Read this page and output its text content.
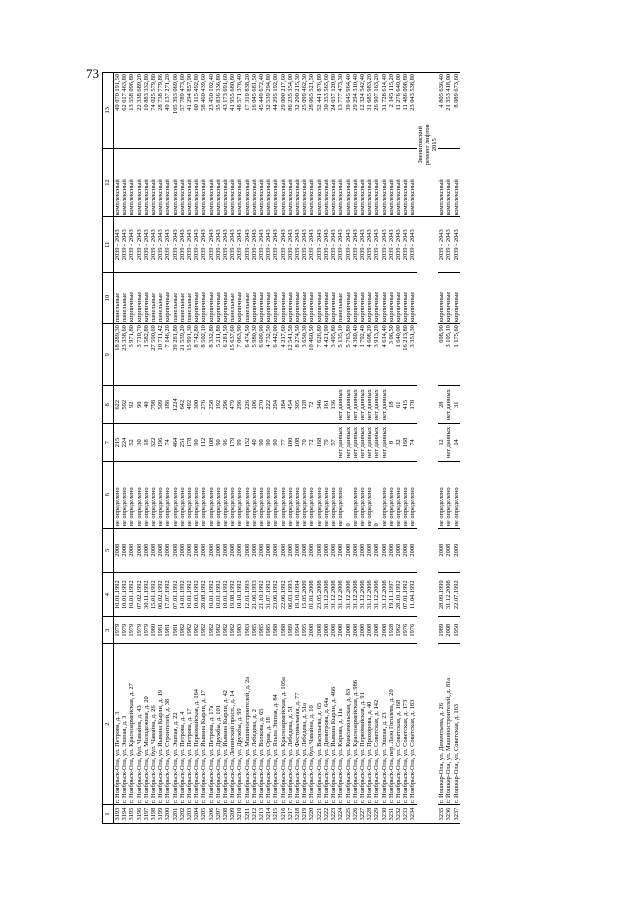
73
1	2	3	4	5	6	7	8	9	10	11	12	13
3193	г. Ноябрьск-Ола, ул. Петрова, д. 3	1979	10.01.1992	2008	не определено	215	622	18 289,30	панельные	2039 - 2043	комплексный	49 070 191,50
3194	г. Ноябрьск-Ола, ул. Эшпая, д. 3	1979	10.01.1992	2008	не определено	224	592	23 338,60	панельные	2039 - 2043	комплексный	62 617 463,80
3195	г. Ноябрьск-Ола, ул. Красноармейская, д. 27	1979	10.01.1992	2008	не определено	52	92	5 971,80	кирпичные	2039 - 2043	комплексный	13 558 096,80
3196	г. Ноябрьск-Ола, бул. Чавайна, д. 43	1979	07.02.1992	2008	не определено	30	90	3 710,70	кирпичные	2039 - 2043	комплексный	22 338 689,20
3197	г. Ноябрьск-Ола, ул. Молодежная, д. 20	1979	30.11.1992	2008	не определено	18	40	1 582,80	кирпичные	2039 - 2043	комплексный	10 883 332,80
3198	г. Ноябрьск-Ола, бул. Чавайна, д. 26	1980	15.01.1992	2008	не определено	322	798	27 590,60	панельные	2039 - 2043	комплексный	74 025 579,80
3199	г. Ноябрьск-Ола, ул. Йывана Кырли, д. 19	1981	06.02.1992	2008	не определено	196	509	10 711,42	панельные	2039 - 2043	комплексный	28 738 779,86
3200	г. Ноябрьск-Ола, ул. Строителей, д. 38	1981	17.07.1992	2008	не определено	74	186	7 146,20	кирпичные	2039 - 2043	комплексный	49 137 271,20
3201	г. Ноябрьск-Ола, ул. Эшпая, д. 22	1981	07.01.1992	2008	не определено	464	1224	39 281,80	панельные	2039 - 2043	комплексный	105 393 069,00
3202	г. Ноябрьск-Ола, ул. Петрова, д. 4	1982	14.01.1992	2008	не определено	251	642	21 539,20	панельные	2039 - 2043	комплексный	57 789 473,60
3203	г. Ноябрьск-Ола, ул. Петрова, д. 17	1982	10.01.1992	2008	не определено	178	492	15 991,30	панельные	2039 - 2043	комплексный	41 294 857,90
3204	г. Ноябрьск-Ола, ул. Первомайская, д. 164	1982	10.03.1992	2008	не определено	90	300	8 742,80	кирпичные	2039 - 2043	комплексный	60 115 492,80
3205	г. Ноябрьск-Ола, ул. Йывана Кырли, д. 17	1982	28.08.1992	2008	не определено	112	276	8 502,10	кирпичные	2039 - 2043	комплексный	58 460 439,60
3206	г. Ноябрьск-Ола, ул. Петрова, д. 17а	1982	10.01.1992	2008	не определено	108	258	8 332,80	кирпичные	2039 - 2043	комплексный	23 450 102,40
3207	г. Ноябрьск-Ола, ул. Дружбы, д. 101	1982	10.01.1992	2008	не определено	90	192	5 211,80	кирпичные	2039 - 2043	комплексный	35 836 336,80
3208	г. Ноябрьск-Ола, ул. Йывана Кырли, д. 42	1982	10.01.1992	2008	не определено	96	296	6 281,50	кирпичные	2039 - 2043	комплексный	43 173 691,60
3209	г. Ноябрьск-Ола, Ленинский просп., д. 14	1982	19.08.1992	2008	не определено	179	479	15 637,60	панельные	2039 - 2043	комплексный	41 955 680,80
3210	г. Ноябрьск-Ола, ул. Дружбы, д. 99	1983	10.10.1992	2008	не определено	99	296	7 063,90	кирпичные	2039 - 2043	комплексный	48 571 376,40
3211	г. Ноябрьск-Ола, ул. Машиностроителей, д. 2а	1983	12.01.1993	2008	не определено	152	226	6 474,50	панельные	2039 - 2043	комплексный	17 319 838,20
3212	г. Ноябрьск-Ола, ул. Лебедева, д. 2	1985	21.06.1993	2008	не определено	40	106	5 980,30	кирпичные	2039 - 2043	комплексный	16 045 681,50
3213	г. Ноябрьск-Ола, ул. Волкова, д. 65	1985	21.10.1992	2008	не определено	90	270	6 609,90	кирпичные	2039 - 2043	комплексный	45 449 672,40
3214	г. Ноябрьск-Ола, ул. Орая, д. 18	1985	31.07.1992	2008	не определено	90	222	4 732,50	кирпичные	2039 - 2043	комплексный	32 539 294,80
3215	г. Ноябрьск-Ола, ул. Яльпа Эшпая, д. 84	1988	23.06.1992	2008	не определено	90	294	6 442,00	кирпичные	2039 - 2043	комплексный	44 295 192,00
3216	г. Ноябрьск-Ола, ул. Красноармейская, д. 105а	1988	22.06.1992	2008	не определено	77	184	4 217,60	кирпичные	2039 - 2043	комплексный	29 000 217,60
3217	г. Ноябрьск-Ола, ул. Лебедева, д. 51	1989	06.03.1993	2008	не определено	180	454	12 541,50	кирпичные	2039 - 2043	комплексный	86 235 354,00
3218	г. Ноябрьск-Ола, ул. Фестивальная, д. 77	1994	19.10.1994	2008	не определено	108	305	8 274,50	кирпичные	2039 - 2043	комплексный	32 200 215,30
3219	г. Ноябрьск-Ола, ул. Лебедева, д. 51а	1995	15.05.2009	2008	не определено	70	128	3 650,30	кирпичные	2039 - 2043	комплексный	25 099 462,30
3220	г. Ноябрьск-Ола, бул. Чавайна, д. 10	2008	01.01.2008	2008	не определено	72	72	10 460,50	кирпичные	2039 - 2043	комплексный	28 065 521,50
3221	г. Ноябрьск-Ола, ул. Васильева, д. 65	2008	23.05.2008	2008	не определено	168	346	7 626,80	кирпичные	2039 - 2043	комплексный	52 441 876,80
3222	г. Ноябрьск-Ола, ул. Димитрова, д. 64а	2008	31.12.2008	2008	не определено	79	161	4 421,90	кирпичные	2039 - 2043	комплексный	30 353 565,60
3223	г. Ноябрьск-Ола, ул. Йывана Кырли, д. 466	2008	31.12.2008	2008	не определено	57	136	3 495,80	кирпичные	2039 - 2043	комплексный	24 037 120,80
3224	г. Ноябрьск-Ола, ул. Кирова, д. 11а	2008	31.12.2008	2008	не определено	нет данных	нет данных	5 135,10	панельные	2039 - 2043	комплексный	13 777 473,30
3225	г. Ноябрьск-Ола, ул. Комсомольская, д. 83	2008	31.12.2008	2008	0	нет данных	нет данных	5 763,80	кирпичные	2039 - 2043	комплексный	39 645 964,40
3226	г. Ноябрьск-Ола, ул. Красноармейская, д. 986	2008	31.12.2008	2008	не определено	нет данных	нет данных	4 360,40	кирпичные	2039 - 2043	комплексный	29 294 310,40
3227	г. Ноябрьск-Ола, ул. Первомайская, д. 91	2008	31.12.2008	2008	не определено	нет данных	нет данных	1 792,40	кирпичные	2039 - 2043	комплексный	12 324 542,40
3228	г. Ноябрьск-Ола, ул. Прохорова, д. 40	2008	31.12.2008	2008	не определено	нет данных	нет данных	4 608,20	кирпичные	2039 - 2043	комплексный	31 685 983,20
3229	г. Ноябрьск-Ола, ул. Советская, д. 142	2008	31.12.2008	2008	0	нет данных	нет данных	3 913,20	кирпичные	2039 - 2043	комплексный	26 907 163,20
3230	г. Ноябрьск-Ола, ул. Эшпая, д. 23	2008	31.12.2008	2008	не определено	нет данных	нет данных	4 614,40	кирпичные	2039 - 2043	комплексный	31 728 614,40
3231	г. Ноябрьск-Ола, пер. Лазо Гоголева, д. 20	1928	19.11.1997	2008	не определено	8	18	3 06,50	кирпичные	2039 - 2043	комплексный	2 145 115,20
3232	г. Ноябрьск-Ола, ул. Советская, д. 168	1962	28.10.1992	2008	не определено	32	61	1 640,00	кирпичные	2039 - 2043	комплексный	11 276 640,00
3233	г. Ноябрьск-Ола, ул. Советская, д. 173	1976	07.01.1992	2008	не определено	168	415	16 213,80	кирпичные	2039 - 2043	комплексный	11 486 098,80
3234	г. Ноябрьск-Ола, ул. Советская, д. 183	1976	11.04.1992	2008	не определено	74	178	3 351,30	кирпичные	2039 - 2043	комплексный	23 043 538,80
											Звениговский	
											ремонт лифтов	
											2015	
3235	г. Йошкар-Ола, ул. Дементьева, д. 26	1989	28.09.1999	2008	не определено	12	28	698,90	кирпичные	2039 - 2043	комплексный	4 805 636,40
3236	г. Йошкар-Ола, ул. Машиностроителей, д. 81а	2008	31.12.2008	2008	не определено	нет данных	нет данных	3 105,10	кирпичные	2039 - 2043	комплексный	21 353 418,00
3237	г. Йошкар-Ола, ул. Советская, д. 163	1950	22.07.1992	2009	не определено	14	31	1 175,60	кирпичные	2039 - 2043	комплексный	8 089 673,60
